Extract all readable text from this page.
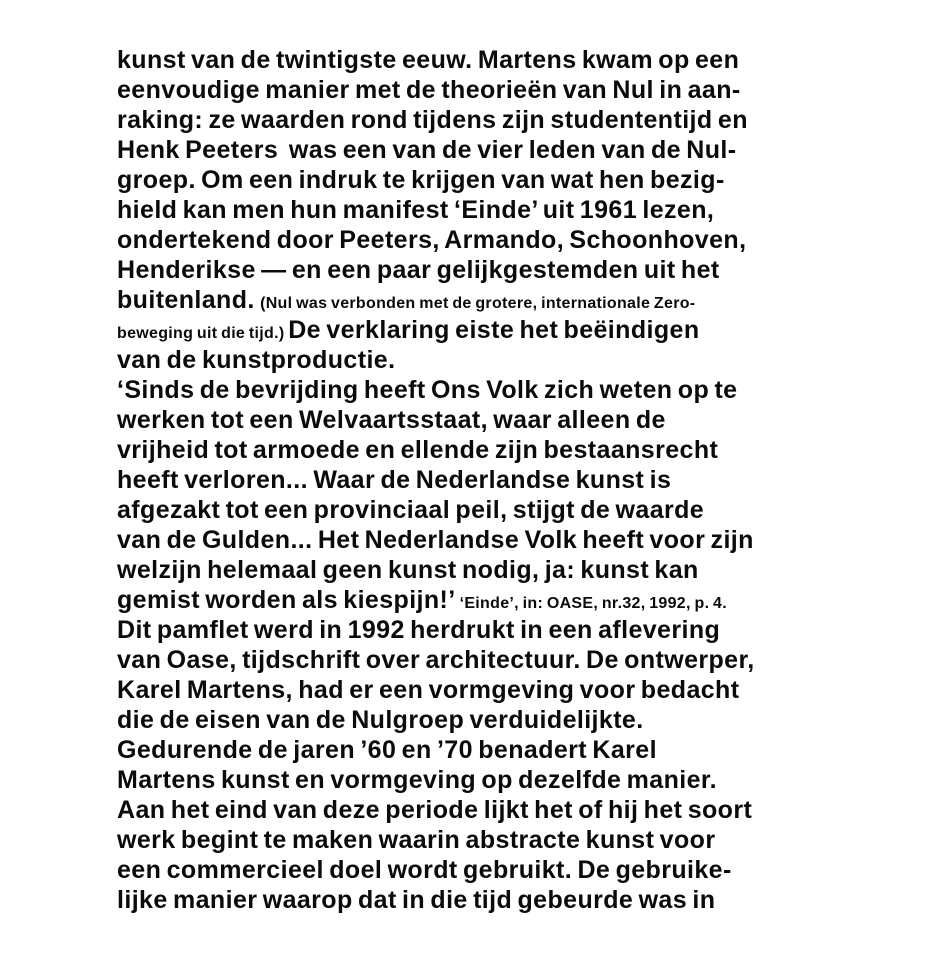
kunst van de twintigste eeuw. Martens kwam op een
eenvoudige manier met de theorieën van Nul in aan-
raking: ze waarden rond tijdens zijn studententijd en
Henk Peeters  was een van de vier leden van de Nul-
groep. Om een indruk te krijgen van wat hen bezig-
hield kan men hun manifest ‘Einde’ uit 1961 lezen,
ondertekend door Peeters, Armando, Schoonhoven,
Henderikse — en een paar gelijkgestemden uit het
buitenland. (Nul was verbonden met de grotere, internationale Zero-
beweging uit die tijd.) De verklaring eiste het beëindigen
van de kunstproductie.
‘Sinds de bevrijding heeft Ons Volk zich weten op te
werken tot een Welvaartsstaat, waar alleen de
vrijheid tot armoede en ellende zijn bestaansrecht
heeft verloren... Waar de Nederlandse kunst is
afgezakt tot een provinciaal peil, stijgt de waarde
van de Gulden... Het Nederlandse Volk heeft voor zijn
welzijn helemaal geen kunst nodig, ja: kunst kan
gemist worden als kiespijn!’ ‘Einde’, in: OASE, nr.32, 1992, p. 4.
Dit pamflet werd in 1992 herdrukt in een aflevering
van Oase, tijdschrift over architectuur. De ontwerper,
Karel Martens, had er een vormgeving voor bedacht
die de eisen van de Nulgroep verduidelijkte.
Gedurende de jaren ’60 en ’70 benadert Karel
Martens kunst en vormgeving op dezelfde manier.
Aan het eind van deze periode lijkt het of hij het soort
werk begint te maken waarin abstracte kunst voor
een commercieel doel wordt gebruikt. De gebruike-
lijke manier waarop dat in die tijd gebeurde was in
